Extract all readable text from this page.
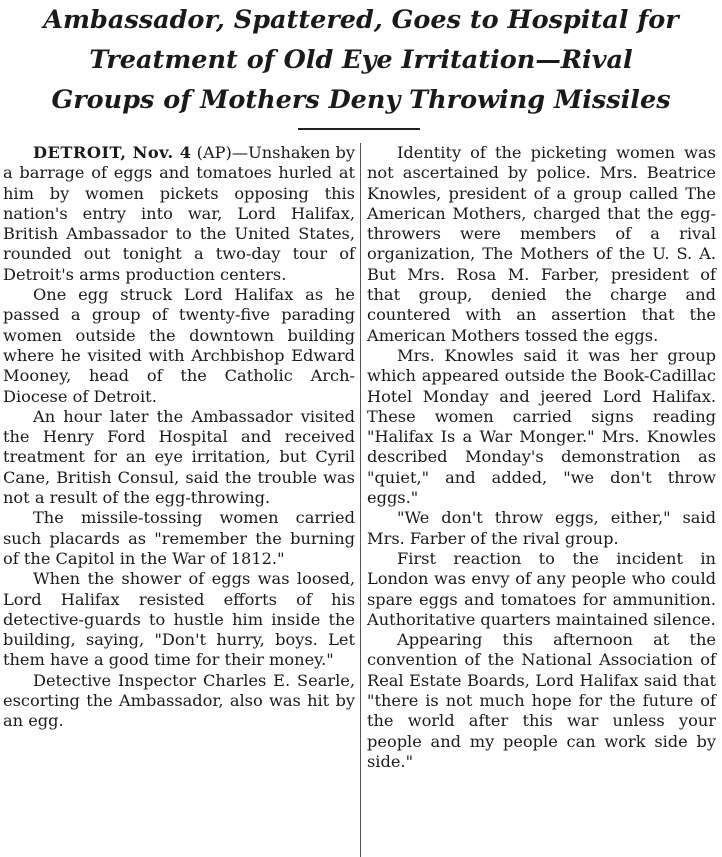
Ambassador, Spattered, Goes to Hospital for
Treatment of Old Eye Irritation—Rival
Groups of Mothers Deny Throwing Missiles

DETROIT, Nov. 4 (AP)—Unshaken by a barrage of eggs and tomatoes hurled at him by women pickets opposing this nation's entry into war, Lord Halifax, British Ambassador to the United States, rounded out tonight a two-day tour of Detroit's arms production centers.

One egg struck Lord Halifax as he passed a group of twenty-five parading women outside the downtown building where he visited with Archbishop Edward Mooney, head of the Catholic Arch-Diocese of Detroit.

An hour later the Ambassador visited the Henry Ford Hospital and received treatment for an eye irritation, but Cyril Cane, British Consul, said the trouble was not a result of the egg-throwing.

The missile-tossing women carried such placards as "remember the burning of the Capitol in the War of 1812."

When the shower of eggs was loosed, Lord Halifax resisted efforts of his detective-guards to hustle him inside the building, saying, "Don't hurry, boys. Let them have a good time for their money."

Detective Inspector Charles E. Searle, escorting the Ambassador, also was hit by an egg.

Identity of the picketing women was not ascertained by police. Mrs. Beatrice Knowles, president of a group called The American Mothers, charged that the egg-throwers were members of a rival organization, The Mothers of the U. S. A. But Mrs. Rosa M. Farber, president of that group, denied the charge and countered with an assertion that the American Mothers tossed the eggs.

Mrs. Knowles said it was her group which appeared outside the Book-Cadillac Hotel Monday and jeered Lord Halifax. These women carried signs reading "Halifax Is a War Monger." Mrs. Knowles described Monday's demonstration as "quiet," and added, "we don't throw eggs."

"We don't throw eggs, either," said Mrs. Farber of the rival group.

First reaction to the incident in London was envy of any people who could spare eggs and tomatoes for ammunition. Authoritative quarters maintained silence.

Appearing this afternoon at the convention of the National Association of Real Estate Boards, Lord Halifax said that "there is not much hope for the future of the world after this war unless your people and my people can work side by side."
